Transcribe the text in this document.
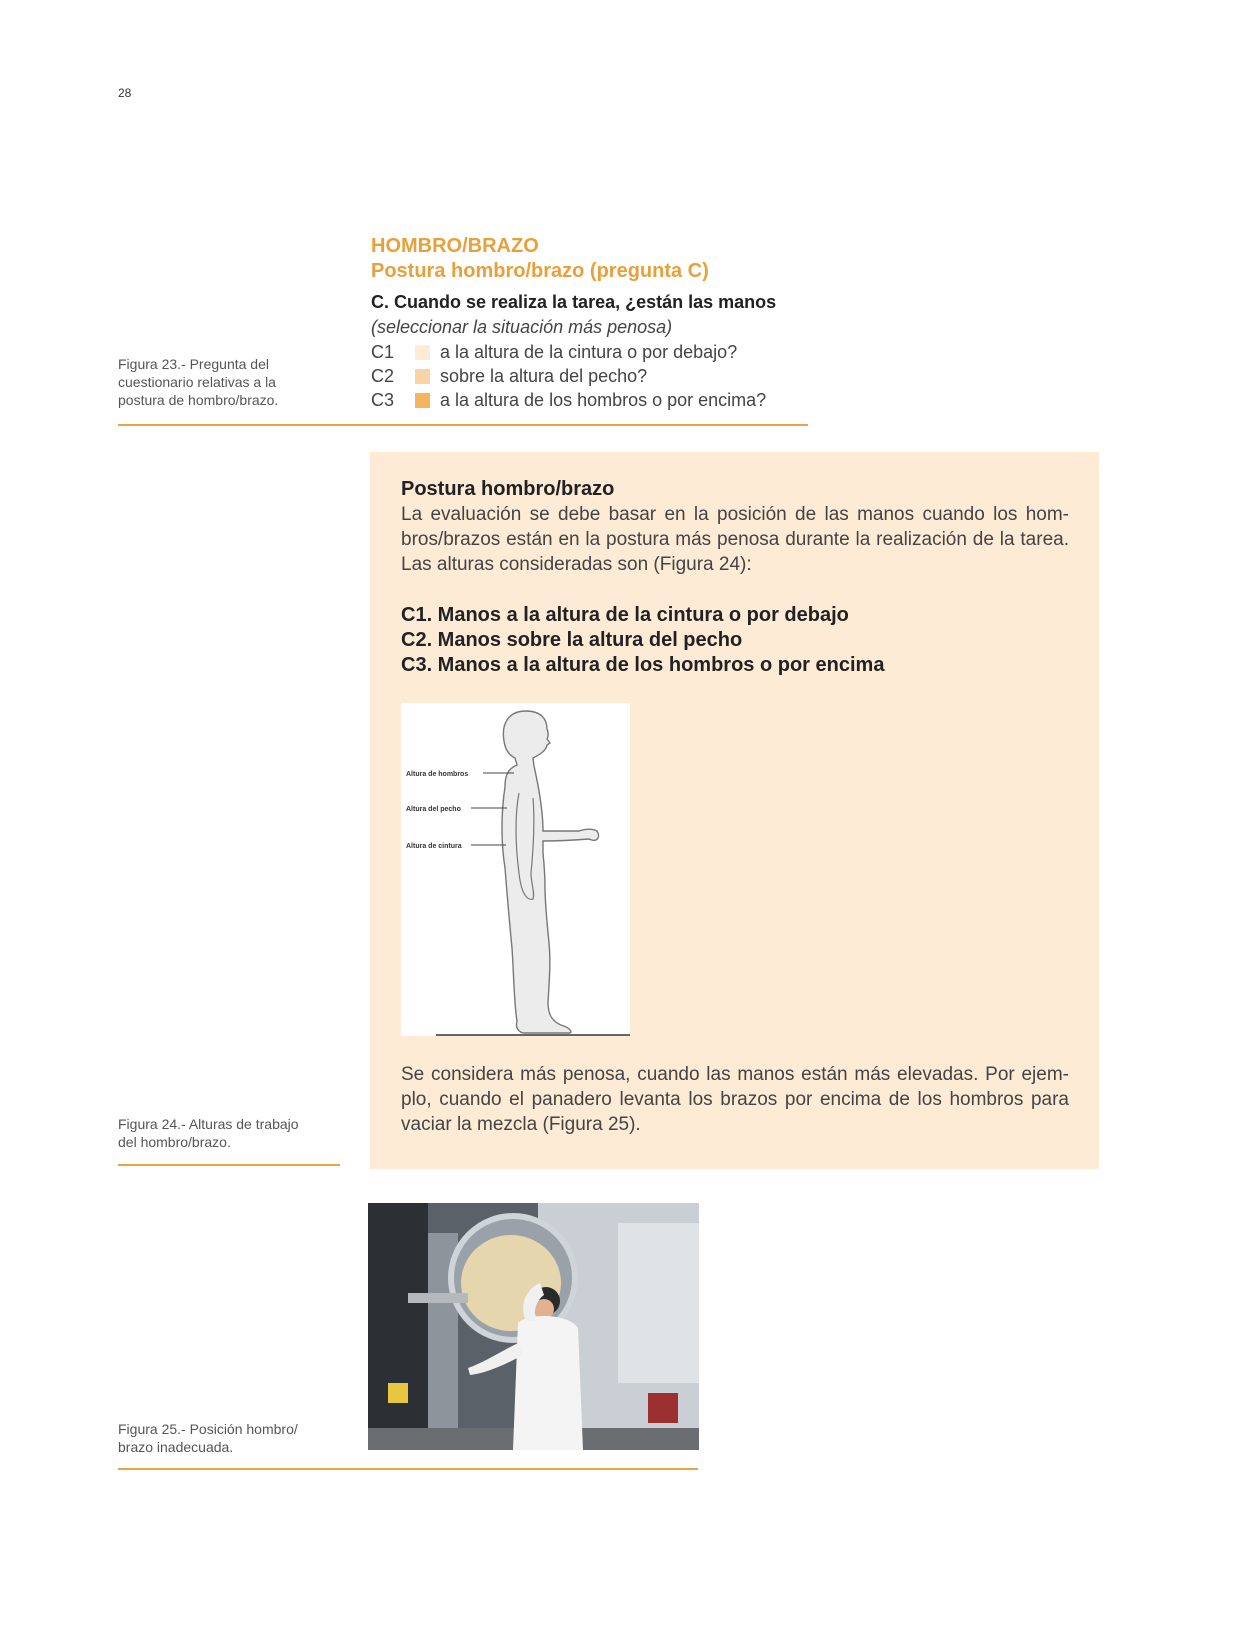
28
Figura 23.- Pregunta del cuestionario relativas a la postura de hombro/brazo.
HOMBRO/BRAZO
Postura hombro/brazo (pregunta C)
C. Cuando se realiza la tarea, ¿están las manos
(seleccionar la situación más penosa)
C1	a la altura de la cintura o por debajo?
C2	sobre la altura del pecho?
C3	a la altura de los hombros o por encima?
Postura hombro/brazo
La evaluación se debe basar en la posición de las manos cuando los hom-bros/brazos están en la postura más penosa durante la realización de la tarea. Las alturas consideradas son (Figura 24):
C1. Manos a la altura de la cintura o por debajo
C2. Manos sobre la altura del pecho
C3. Manos a la altura de los hombros o por encima
Altura de hombros
Altura del pecho
Altura de cintura
Se considera más penosa, cuando las manos están más elevadas. Por ejem-plo, cuando el panadero levanta los brazos por encima de los hombros para vaciar la mezcla (Figura 25).
Figura 24.- Alturas de trabajo del hombro/brazo.
Figura 25.- Posición hombro/ brazo inadecuada.
